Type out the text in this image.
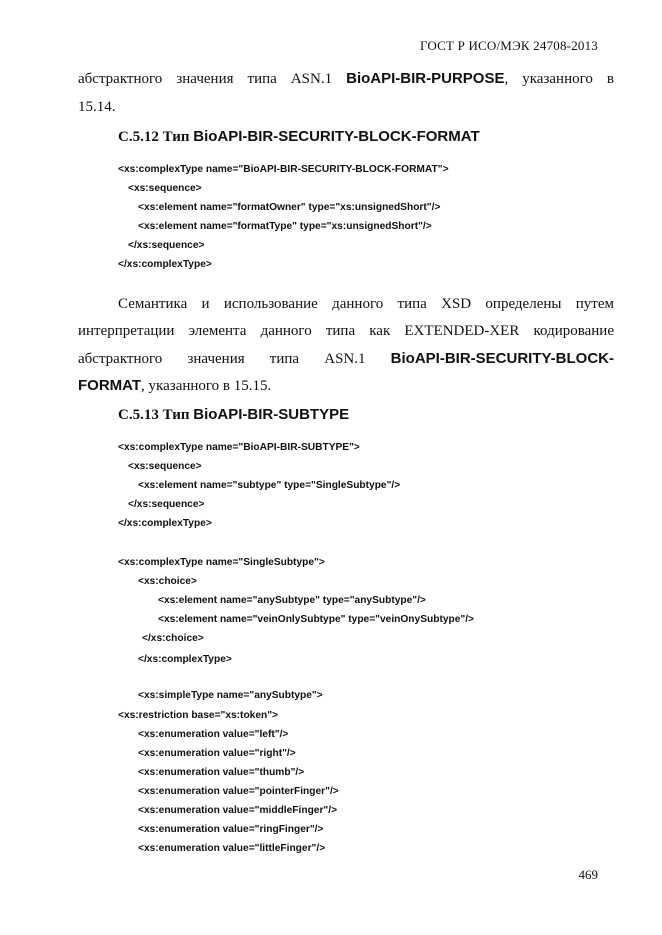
ГОСТ Р ИСО/МЭК 24708-2013
абстрактного значения типа ASN.1 BioAPI-BIR-PURPOSE, указанного в
15.14.
C.5.12 Тип BioAPI-BIR-SECURITY-BLOCK-FORMAT
<xs:complexType name="BioAPI-BIR-SECURITY-BLOCK-FORMAT">
<xs:sequence>
<xs:element name="formatOwner" type="xs:unsignedShort"/>
<xs:element name="formatType" type="xs:unsignedShort"/>
</xs:sequence>
</xs:complexType>
Семантика и использование данного типа XSD определены путем
интерпретации элемента данного типа как EXTENDED-XER кодирование
абстрактного значения типа ASN.1 BioAPI-BIR-SECURITY-BLOCK-
FORMAT, указанного в 15.15.
C.5.13 Тип BioAPI-BIR-SUBTYPE
<xs:complexType name="BioAPI-BIR-SUBTYPE">
<xs:sequence>
<xs:element name="subtype" type="SingleSubtype"/>
</xs:sequence>
</xs:complexType>
<xs:complexType name="SingleSubtype">
<xs:choice>
<xs:element name="anySubtype" type="anySubtype"/>
<xs:element name="veinOnlySubtype" type="veinOnySubtype"/>
</xs:choice>
</xs:complexType>
<xs:simpleType name="anySubtype">
<xs:restriction base="xs:token">
<xs:enumeration value="left"/>
<xs:enumeration value="right"/>
<xs:enumeration value="thumb"/>
<xs:enumeration value="pointerFinger"/>
<xs:enumeration value="middleFinger"/>
<xs:enumeration value="ringFinger"/>
<xs:enumeration value="littleFinger"/>
469
